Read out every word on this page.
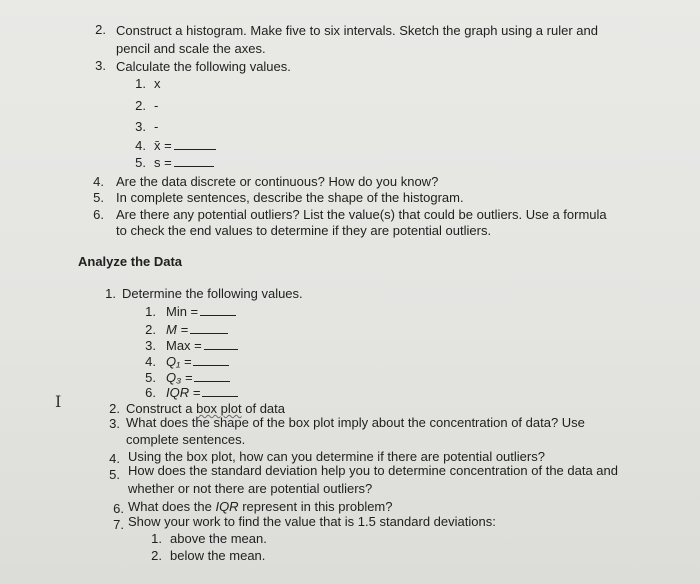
2. Construct a histogram. Make five to six intervals. Sketch the graph using a ruler and
pencil and scale the axes.
3. Calculate the following values.
1. x
2. -
3. -
4. x̄ =
5. s =
4. Are the data discrete or continuous? How do you know?
5. In complete sentences, describe the shape of the histogram.
6. Are there any potential outliers? List the value(s) that could be outliers. Use a formula
to check the end values to determine if they are potential outliers.
Analyze the Data
1. Determine the following values.
1. Min =
2. M =
3. Max =
4. Q₁ =
5. Q₃ =
6. IQR =
I	2. Construct a box plot of data
3. What does the shape of the box plot imply about the concentration of data? Use
complete sentences.
4. Using the box plot, how can you determine if there are potential outliers?
5. How does the standard deviation help you to determine concentration of the data and
whether or not there are potential outliers?
6. What does the IQR represent in this problem?
7. Show your work to find the value that is 1.5 standard deviations:
1. above the mean.
2. below the mean.
